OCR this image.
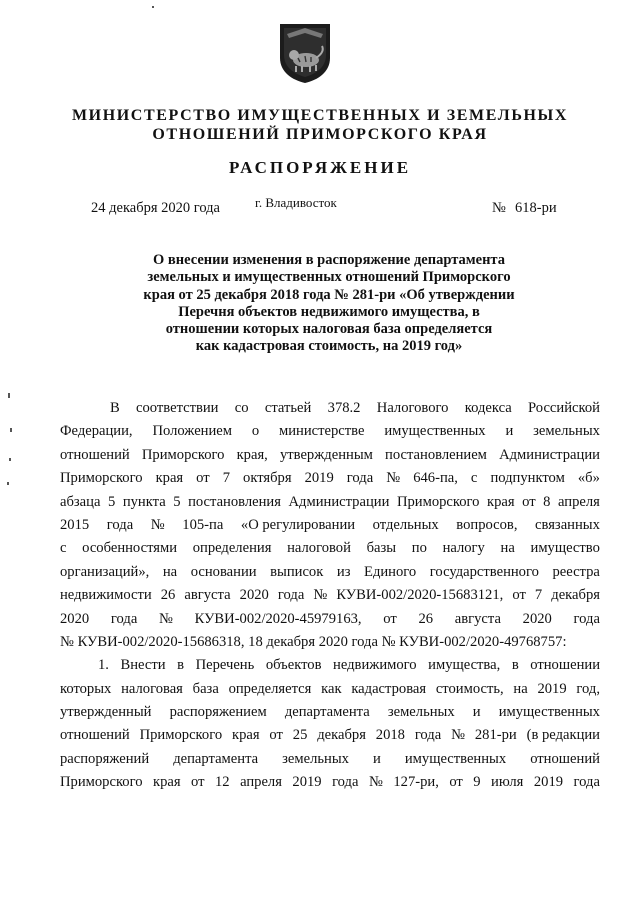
МИНИСТЕРСТВО ИМУЩЕСТВЕННЫХ И ЗЕМЕЛЬНЫХ
ОТНОШЕНИЙ ПРИМОРСКОГО КРАЯ
РАСПОРЯЖЕНИЕ
24 декабря 2020 года	г. Владивосток	№ 618-ри
О внесении изменения в распоряжение департамента
земельных и имущественных отношений Приморского
края от 25 декабря 2018 года № 281-ри «Об утверждении
Перечня объектов недвижимого имущества, в
отношении которых налоговая база определяется
как кадастровая стоимость, на 2019 год»
В соответствии со статьей 378.2 Налогового кодекса Российской
Федерации, Положением о министерстве имущественных и земельных
отношений Приморского края, утвержденным постановлением Администрации
Приморского края от 7 октября 2019 года № 646-па, с подпунктом «б»
абзаца 5 пункта 5 постановления Администрации Приморского края от 8 апреля
2015 года № 105-па «О регулировании отдельных вопросов, связанных
с особенностями определения налоговой базы по налогу на имущество
организаций», на основании выписок из Единого государственного реестра
недвижимости 26 августа 2020 года № КУВИ-002/2020-15683121, от 7 декабря
2020 года № КУВИ-002/2020-45979163, от 26 августа 2020 года
№ КУВИ-002/2020-15686318, 18 декабря 2020 года № КУВИ-002/2020-49768757:
1. Внести в Перечень объектов недвижимого имущества, в отношении
которых налоговая база определяется как кадастровая стоимость, на 2019 год,
утвержденный распоряжением департамента земельных и имущественных
отношений Приморского края от 25 декабря 2018 года № 281-ри (в редакции
распоряжений департамента земельных и имущественных отношений
Приморского края от 12 апреля 2019 года № 127-ри, от 9 июля 2019 года
